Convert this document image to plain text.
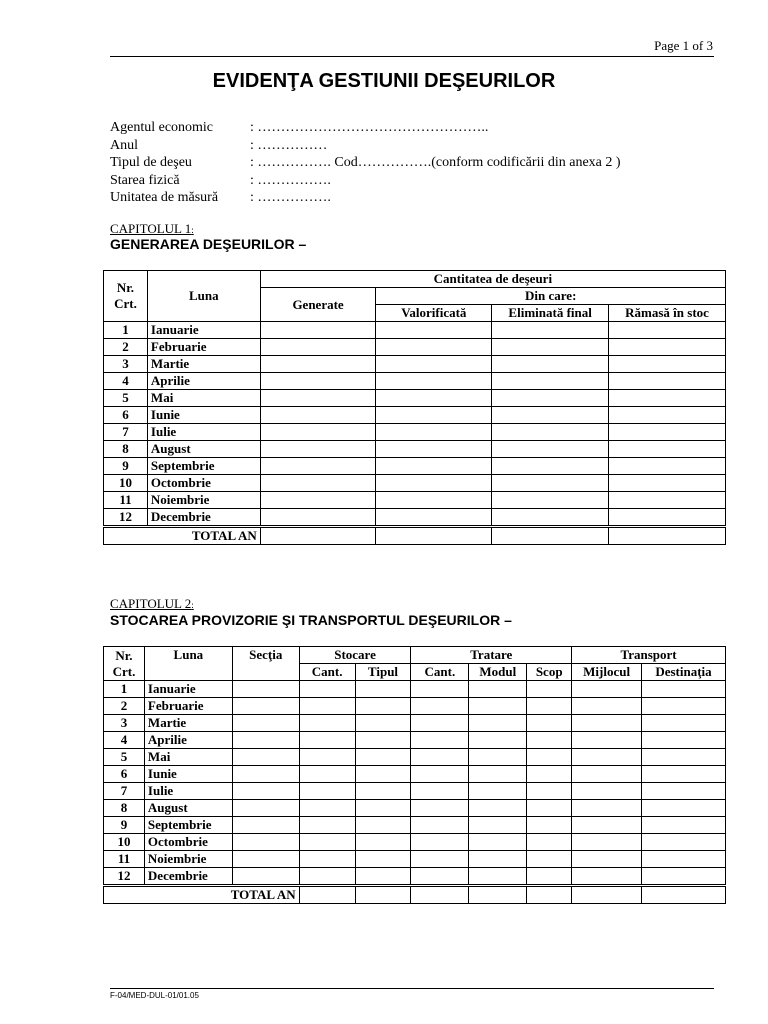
Page 1 of 3
EVIDENŢA GESTIUNII DEŞEURILOR
Agentul economic	: …………………………………………..
Anul	: ……………
Tipul de deşeu	: ……………. Cod…………….(conform codificării din anexa 2 )
Starea fizică	: …………….
Unitatea de măsură	: …………….
CAPITOLUL 1:
GENERAREA DEŞEURILOR –
Nr.
Crt.	Luna	Cantitatea de deşeuri			
		Generate	Din care:		
			Valorificată	Eliminată final	Rămasă în stoc
1	Ianuarie				
2	Februarie				
3	Martie				
4	Aprilie				
5	Mai				
6	Iunie				
7	Iulie				
8	August				
9	Septembrie				
10	Octombrie				
11	Noiembrie				
12	Decembrie				
TOTAL AN					
CAPITOLUL 2:
STOCAREA PROVIZORIE ŞI TRANSPORTUL DEŞEURILOR –
Nr.
Crt.	Luna	Secţia	Stocare		Tratare			Transport	
			Cant.	Tipul	Cant.	Modul	Scop	Mijlocul	Destinaţia
1	Ianuarie								
2	Februarie								
3	Martie								
4	Aprilie								
5	Mai								
6	Iunie								
7	Iulie								
8	August								
9	Septembrie								
10	Octombrie								
11	Noiembrie								
12	Decembrie								
TOTAL AN									
F-04/MED-DUL-01/01.05
